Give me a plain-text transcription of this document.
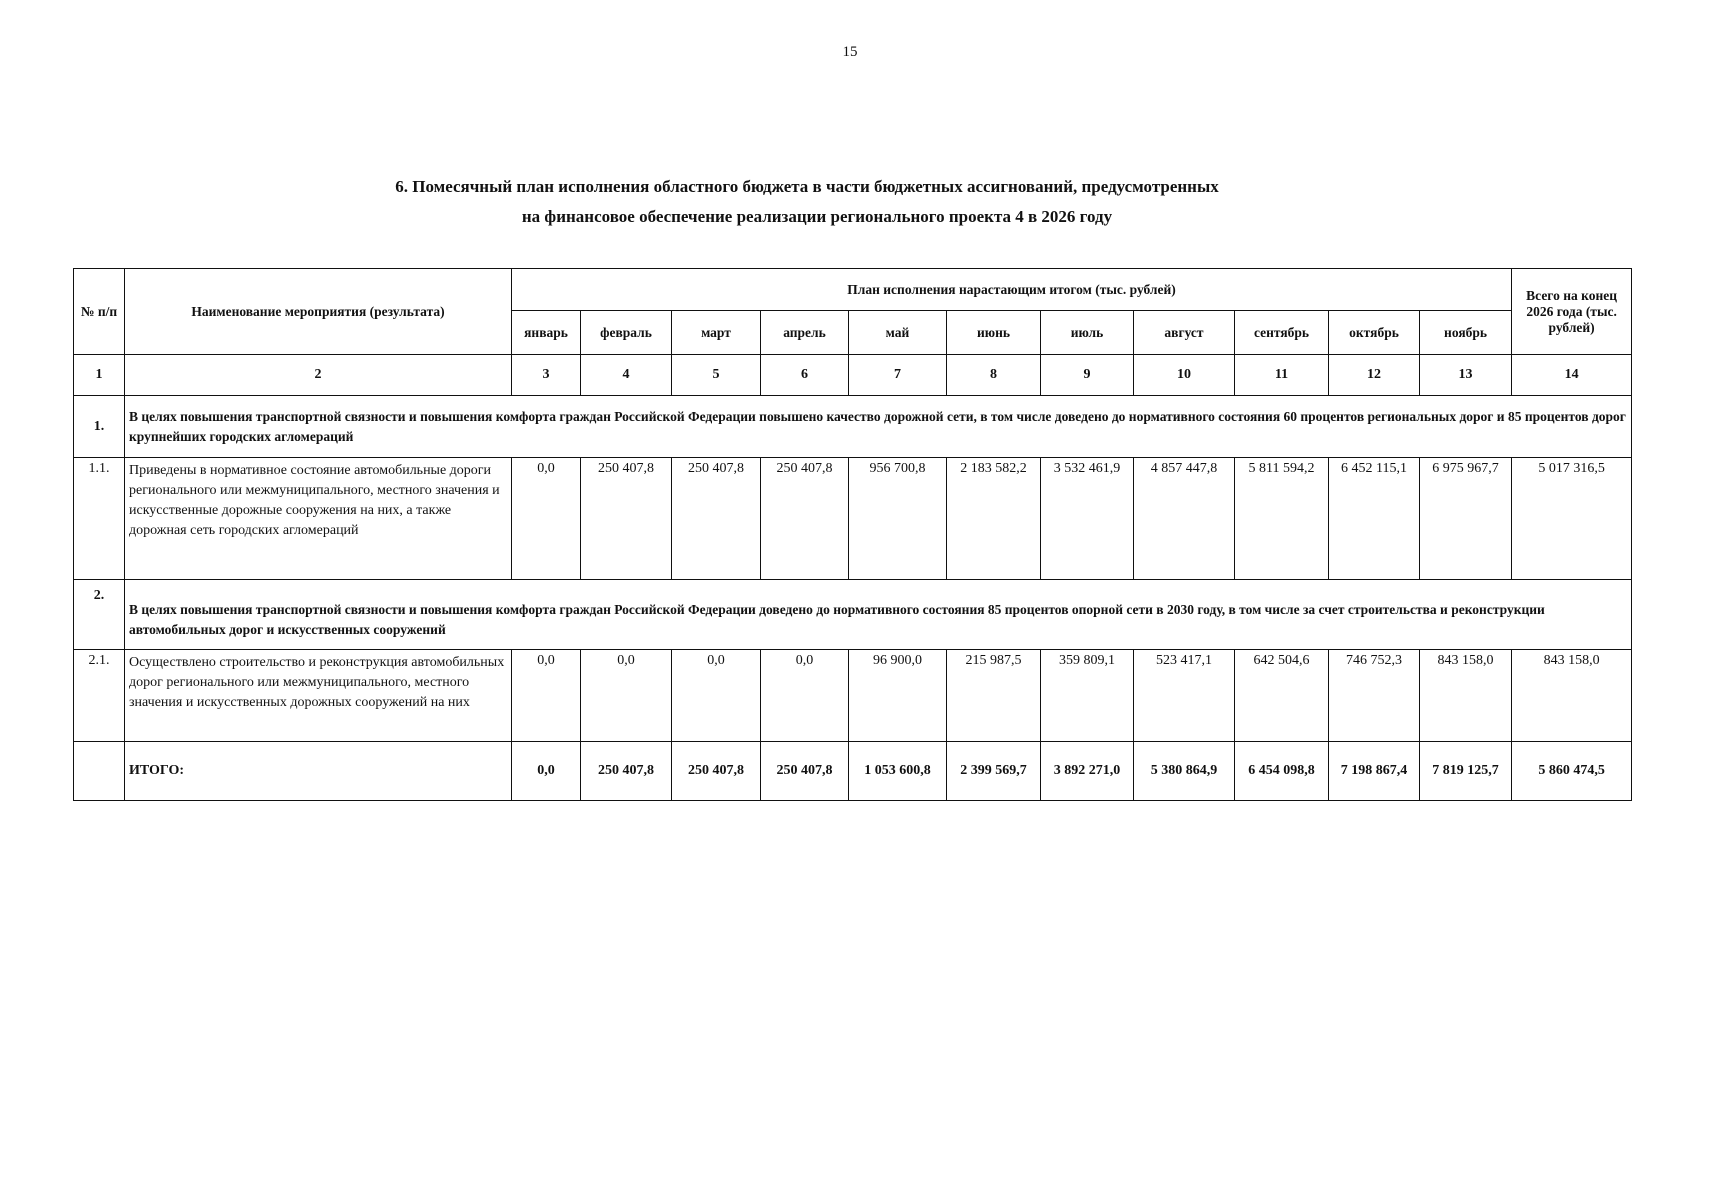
15
6. Помесячный план исполнения областного бюджета в части бюджетных ассигнований, предусмотренных
на финансовое обеспечение реализации регионального проекта 4 в 2026 году
№ п/п	Наименование мероприятия (результата)	План исполнения нарастающим итогом (тыс. рублей)											Всего на конец 2026 года (тыс. рублей)
		январь	февраль	март	апрель	май	июнь	июль	август	сентябрь	октябрь	ноябрь	
1	2	3	4	5	6	7	8	9	10	11	12	13	14
1.	В целях повышения транспортной связности и повышения комфорта граждан Российской Федерации повышено качество дорожной сети, в том числе доведено до нормативного состояния 60 процентов региональных дорог и 85 процентов дорог крупнейших городских агломераций												
1.1.	Приведены в нормативное состояние автомобильные дороги регионального или межмуниципального, местного значения и искусственные дорожные сооружения на них, а также дорожная сеть городских агломераций	0,0	250 407,8	250 407,8	250 407,8	956 700,8	2 183 582,2	3 532 461,9	4 857 447,8	5 811 594,2	6 452 115,1	6 975 967,7	5 017 316,5
2.	В целях повышения транспортной связности и повышения комфорта граждан Российской Федерации доведено до нормативного состояния 85 процентов опорной сети в 2030 году, в том числе за счет строительства и реконструкции автомобильных дорог и искусственных сооружений												
2.1.	Осуществлено строительство и реконструкция автомобильных дорог регионального или межмуниципального, местного значения и искусственных дорожных сооружений на них	0,0	0,0	0,0	0,0	96 900,0	215 987,5	359 809,1	523 417,1	642 504,6	746 752,3	843 158,0	843 158,0
	ИТОГО:	0,0	250 407,8	250 407,8	250 407,8	1 053 600,8	2 399 569,7	3 892 271,0	5 380 864,9	6 454 098,8	7 198 867,4	7 819 125,7	5 860 474,5
